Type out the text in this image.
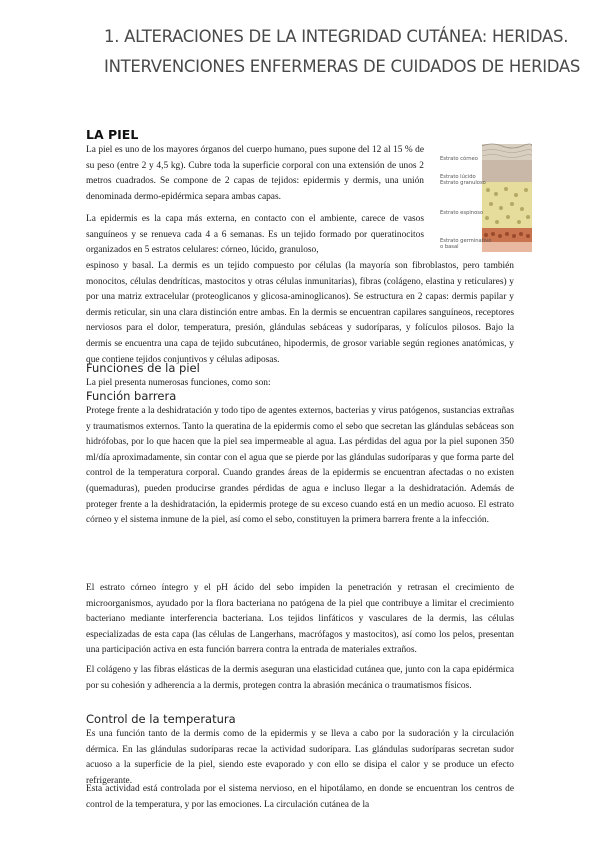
1. ALTERACIONES DE LA INTEGRIDAD CUTÁNEA: HERIDAS.
INTERVENCIONES ENFERMERAS DE CUIDADOS DE HERIDAS
LA PIEL
La piel es uno de los mayores órganos del cuerpo humano, pues supone del 12 al 15 % de su peso (entre 2 y 4,5 kg). Cubre toda la superficie corporal con una extensión de unos 2 metros cuadrados. Se compone de 2 capas de tejidos: epidermis y dermis, una unión denominada dermo-epidérmica separa ambas capas.
La epidermis es la capa más externa, en contacto con el ambiente, carece de vasos sanguíneos y se renueva cada 4 a 6 semanas. Es un tejido formado por queratinocitos organizados en 5 estratos celulares: córneo, lúcido, granuloso,
Estrato córneo
Estrato lúcido
Estrato granuloso
Estrato espinoso
Estrato germinativo
o basal
espinoso y basal. La dermis es un tejido compuesto por células (la mayoría son fibroblastos, pero también monocitos, células dendríticas, mastocitos y otras células inmunitarias), fibras (colágeno, elastina y reticulares) y por una matriz extracelular (proteoglicanos y glicosa-aminoglicanos). Se estructura en 2 capas: dermis papilar y dermis reticular, sin una clara distinción entre ambas. En la dermis se encuentran capilares sanguíneos, receptores nerviosos para el dolor, temperatura, presión, glándulas sebáceas y sudoríparas, y folículos pilosos. Bajo la dermis se encuentra una capa de tejido subcutáneo, hipodermis, de grosor variable según regiones anatómicas, y que contiene tejidos conjuntivos y células adiposas.
Funciones de la piel
La piel presenta numerosas funciones, como son:
Función barrera
Protege frente a la deshidratación y todo tipo de agentes externos, bacterias y virus patógenos, sustancias extrañas y traumatismos externos. Tanto la queratina de la epidermis como el sebo que secretan las glándulas sebáceas son hidrófobas, por lo que hacen que la piel sea impermeable al agua. Las pérdidas del agua por la piel suponen 350 ml/día aproximadamente, sin contar con el agua que se pierde por las glándulas sudoríparas y que forma parte del control de la temperatura corporal. Cuando grandes áreas de la epidermis se encuentran afectadas o no existen (quemaduras), pueden producirse grandes pérdidas de agua e incluso llegar a la deshidratación. Además de proteger frente a la deshidratación, la epidermis protege de su exceso cuando está en un medio acuoso. El estrato córneo y el sistema inmune de la piel, así como el sebo, constituyen la primera barrera frente a la infección.
El estrato córneo íntegro y el pH ácido del sebo impiden la penetración y retrasan el crecimiento de microorganismos, ayudado por la flora bacteriana no patógena de la piel que contribuye a limitar el crecimiento bacteriano mediante interferencia bacteriana. Los tejidos linfáticos y vasculares de la dermis, las células especializadas de esta capa (las células de Langerhans, macrófagos y mastocitos), así como los pelos, presentan una participación activa en esta función barrera contra la entrada de materiales extraños.
El colágeno y las fibras elásticas de la dermis aseguran una elasticidad cutánea que, junto con la capa epidérmica por su cohesión y adherencia a la dermis, protegen contra la abrasión mecánica o traumatismos físicos.
Control de la temperatura
Es una función tanto de la dermis como de la epidermis y se lleva a cabo por la sudoración y la circulación dérmica. En las glándulas sudoríparas recae la actividad sudorípara. Las glándulas sudoríparas secretan sudor acuoso a la superficie de la piel, siendo este evaporado y con ello se disipa el calor y se produce un efecto refrigerante.
Esta actividad está controlada por el sistema nervioso, en el hipotálamo, en donde se encuentran los centros de control de la temperatura, y por las emociones. La circulación cutánea de la
